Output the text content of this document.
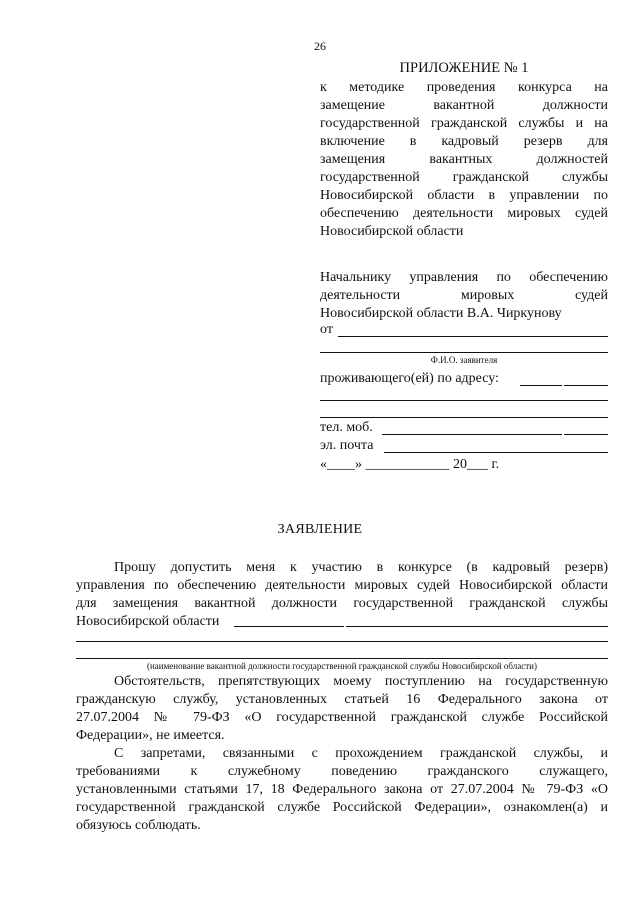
26
ПРИЛОЖЕНИЕ № 1
к методике проведения конкурса на
замещение вакантной должности
государственной гражданской службы и на
включение в кадровый резерв для
замещения вакантных должностей
государственной гражданской службы
Новосибирской области в управлении по
обеспечению деятельности мировых судей
Новосибирской области
Начальнику управления по обеспечению
деятельности мировых судей
Новосибирской области В.А. Чиркунову
от
Ф.И.О. заявителя
проживающего(ей) по адресу:
тел. моб.
эл. почта
«____» ____________ 20___ г.
ЗАЯВЛЕНИЕ
Прошу допустить меня к участию в конкурсе (в кадровый резерв)
управления по обеспечению деятельности мировых судей Новосибирской области
для замещения вакантной должности государственной гражданской службы
Новосибирской области
(наименование вакантной должности государственной гражданской службы Новосибирской области)
Обстоятельств, препятствующих моему поступлению на государственную
гражданскую службу, установленных статьей 16 Федерального закона от
27.07.2004 № 79-ФЗ «О государственной гражданской службе Российской
Федерации», не имеется.
С запретами, связанными с прохождением гражданской службы, и
требованиями к служебному поведению гражданского служащего,
установленными статьями 17, 18 Федерального закона от 27.07.2004 № 79-ФЗ «О
государственной гражданской службе Российской Федерации», ознакомлен(а) и
обязуюсь соблюдать.
